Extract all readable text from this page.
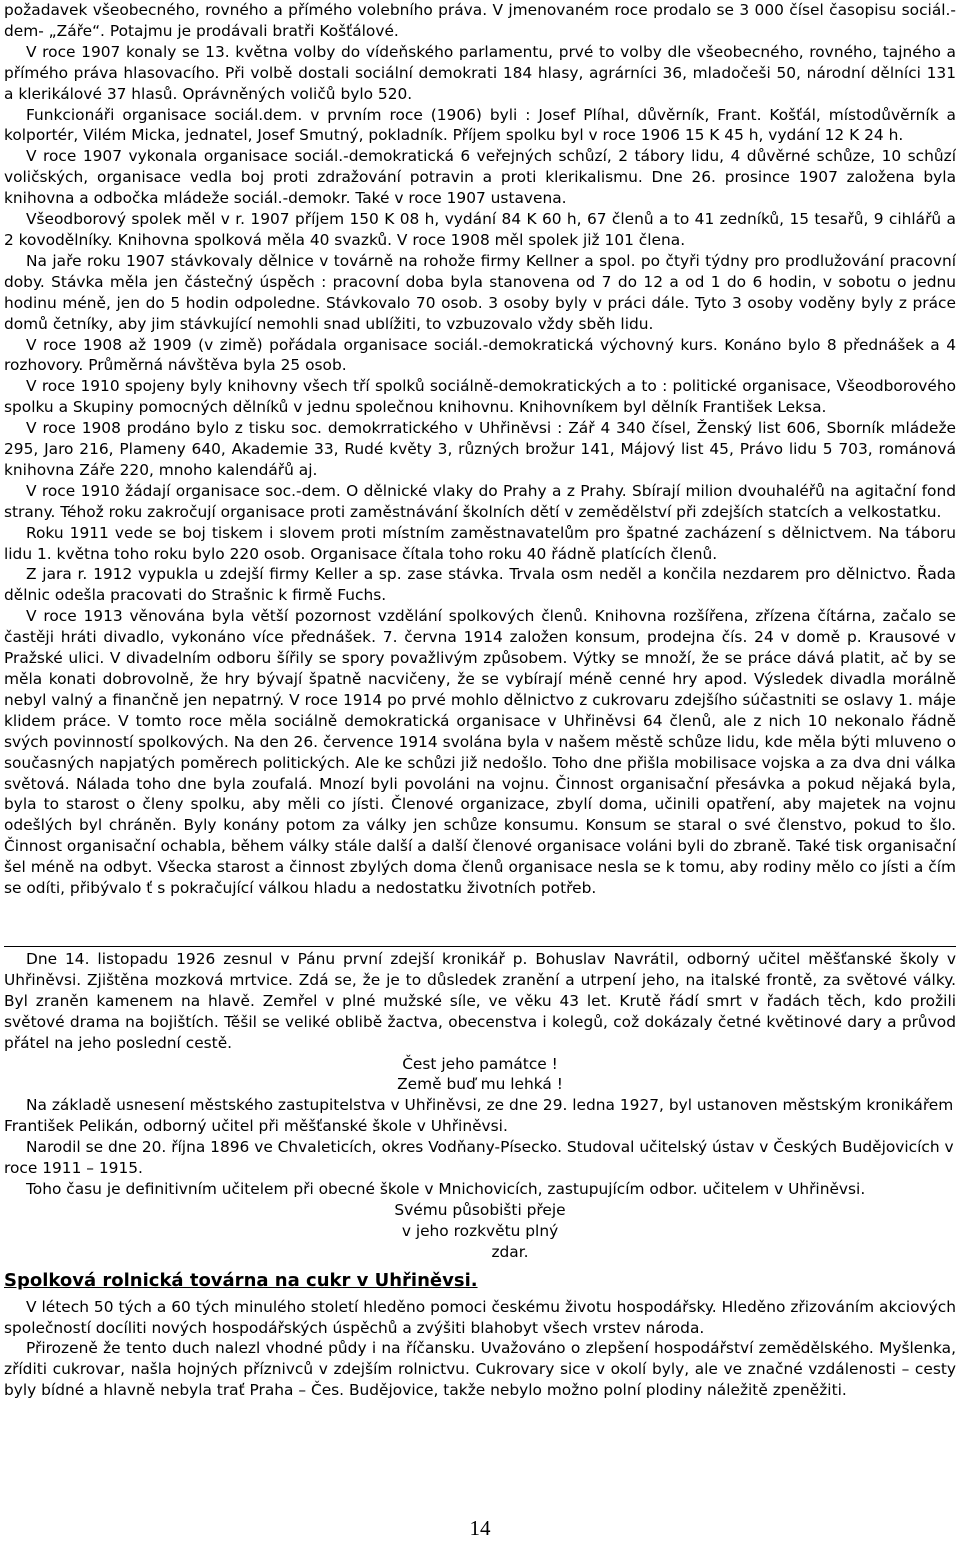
požadavek všeobecného, rovného a přímého volebního práva. V jmenovaném roce prodalo se 3 000 čísel časopisu sociál.-dem- „Záře“. Potajmu je prodávali bratři Košťálové.

V roce 1907 konaly se 13. května volby do vídeňského parlamentu, prvé to volby dle všeobecného, rovného, tajného a přímého práva hlasovacího. Při volbě dostali sociální demokrati 184 hlasy, agrárníci 36, mladočeši 50, národní dělníci 131 a klerikálové 37 hlasů. Oprávněných voličů bylo 520.

Funkcionáři organisace sociál.dem. v prvním roce (1906) byli : Josef Plíhal, důvěrník, Frant. Košťál, místodůvěrník a kolportér, Vilém Micka, jednatel, Josef Smutný, pokladník. Příjem spolku byl v roce 1906 15 K 45 h, vydání 12 K 24 h.

V roce 1907 vykonala organisace sociál.-demokratická 6 veřejných schůzí, 2 tábory lidu, 4 důvěrné schůze, 10 schůzí voličských, organisace vedla boj proti zdražování potravin a proti klerikalismu. Dne 26. prosince 1907 založena byla knihovna a odbočka mládeže sociál.-demokr. Také v roce 1907 ustavena.

Všeodborový spolek měl v r. 1907 příjem 150 K 08 h, vydání 84 K 60 h, 67 členů a to 41 zedníků, 15 tesařů, 9 cihlářů a 2 kovodělníky. Knihovna spolková měla 40 svazků. V roce 1908 měl spolek již 101 člena.

Na jaře roku 1907 stávkovaly dělnice v továrně na rohože firmy Kellner a spol. po čtyři týdny pro prodlužování pracovní doby. Stávka měla jen částečný úspěch : pracovní doba byla stanovena od 7 do 12 a od 1 do 6 hodin, v sobotu o jednu hodinu méně, jen do 5 hodin odpoledne. Stávkovalo 70 osob. 3 osoby byly v práci dále. Tyto 3 osoby voděny byly z práce domů četníky, aby jim stávkující nemohli snad ublížiti, to vzbuzovalo vždy sběh lidu.

V roce 1908 až 1909 (v zimě) pořádala organisace sociál.-demokratická výchovný kurs. Konáno bylo 8 přednášek a 4 rozhovory. Průměrná návštěva byla 25 osob.

V roce 1910 spojeny byly knihovny všech tří spolků sociálně-demokratických a to : politické organisace, Všeodborového spolku a Skupiny pomocných dělníků v jednu společnou knihovnu. Knihovníkem byl dělník František Leksa.

V roce 1908 prodáno bylo z tisku soc. demokrratického v Uhřiněvsi : Zář 4 340 čísel, Ženský list 606, Sborník mládeže 295, Jaro 216, Plameny 640, Akademie 33, Rudé květy 3, různých brožur 141, Májový list 45, Právo lidu 5 703, románová knihovna Záře 220, mnoho kalendářů aj.

V roce 1910 žádají organisace soc.-dem. O dělnické vlaky do Prahy a z Prahy. Sbírají milion dvouhaléřů na agitační fond strany. Téhož roku zakročují organisace proti zaměstnávání školních dětí v zemědělství při zdejších statcích a velkostatku.

Roku 1911 vede se boj tiskem i slovem proti místním zaměstnavatelům pro špatné zacházení s dělnictvem. Na táboru lidu 1. května toho roku bylo 220 osob. Organisace čítala toho roku 40 řádně platících členů.

Z jara r. 1912 vypukla u zdejší firmy Keller a sp. zase stávka. Trvala osm neděl a končila nezdarem pro dělnictvo. Řada dělnic odešla pracovati do Strašnic k firmě Fuchs.

V roce 1913 věnována byla větší pozornost vzdělání spolkových členů. Knihovna rozšířena, zřízena čítárna, začalo se častěji hráti divadlo, vykonáno více přednášek. 7. června 1914 založen konsum, prodejna čís. 24 v domě p. Krausové v Pražské ulici. V divadelním odboru šířily se spory považlivým způsobem. Výtky se množí, že se práce dává platit, ač by se měla konati dobrovolně, že hry bývají špatně nacvičeny, že se vybírají méně cenné hry apod. Výsledek divadla morálně nebyl valný a finančně jen nepatrný. V roce 1914 po prvé mohlo dělnictvo z cukrovaru zdejšího súčastniti se oslavy 1. máje klidem práce. V tomto roce měla sociálně demokratická organisace v Uhřiněvsi 64 členů, ale z nich 10 nekonalo řádně svých povinností spolkových. Na den 26. července 1914 svolána byla v našem městě schůze lidu, kde měla býti mluveno o současných napjatých poměrech politických. Ale ke schůzi již nedošlo. Toho dne přišla mobilisace vojska a za dva dni válka světová. Nálada toho dne byla zoufalá. Mnozí byli povoláni na vojnu. Činnost organisační přesávka a pokud nějaká byla, byla to starost o členy spolku, aby měli co jísti. Členové organizace, zbylí doma, učinili opatření, aby majetek na vojnu odešlých byl chráněn. Byly konány potom za války jen schůze konsumu. Konsum se staral o své členstvo, pokud to šlo. Činnost organisační ochabla, během války stále další a další členové organisace voláni byli do zbraně. Také tisk organisační šel méně na odbyt. Všecka starost a činnost zbylých doma členů organisace nesla se k tomu, aby rodiny mělo co jísti a čím se odíti, přibývalo ť s pokračující válkou hladu a nedostatku životních potřeb.

Dne 14. listopadu 1926 zesnul v Pánu první zdejší kronikář p. Bohuslav Navrátil, odborný učitel měšťanské školy v Uhřiněvsi. Zjištěna mozková mrtvice. Zdá se, že je to důsledek zranění a utrpení jeho, na italské frontě, za světové války. Byl zraněn kamenem na hlavě. Zemřel v plné mužské síle, ve věku 43 let. Krutě řádí smrt v řadách těch, kdo prožili světové drama na bojištích. Těšil se veliké oblibě žactva, obecenstva i kolegů, což dokázaly četné květinové dary a průvod přátel na jeho poslední cestě.

Čest jeho památce !

Země buď mu lehká !

Na základě usnesení městského zastupitelstva v Uhřiněvsi, ze dne 29. ledna 1927, byl ustanoven městským kronikářem František Pelikán, odborný učitel při měšťanské škole v Uhřiněvsi.

Narodil se dne 20. října 1896 ve Chvaleticích, okres Vodňany-Písecko. Studoval učitelský ústav v Českých Budějovicích v roce 1911 – 1915.

Toho času je definitivním učitelem při obecné škole v Mnichovicích, zastupujícím odbor. učitelem v Uhřiněvsi.

Svému působišti přeje

v jeho rozkvětu plný

zdar.

Spolková rolnická továrna na cukr v Uhřiněvsi.

V létech 50 tých a 60 tých minulého století hleděno pomoci českému životu hospodářsky. Hleděno zřizováním akciových společností docíliti nových hospodářských úspěchů a zvýšiti blahobyt všech vrstev národa.

Přirozeně že tento duch nalezl vhodné půdy i na říčansku. Uvažováno o zlepšení hospodářství zemědělského. Myšlenka, zříditi cukrovar, našla hojných příznivců v zdejším rolnictvu. Cukrovary sice v okolí byly, ale ve značné vzdálenosti – cesty byly bídné a hlavně nebyla trať Praha – Čes. Budějovice, takže nebylo možno polní plodiny náležitě zpeněžiti.

14
